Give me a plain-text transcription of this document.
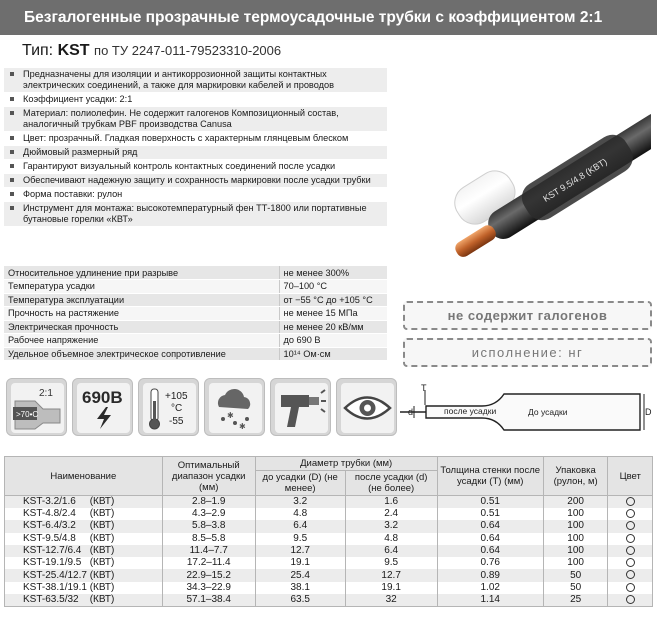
Безгалогенные прозрачные термоусадочные трубки с коэффициентом 2:1
Тип: KST по ТУ 2247-011-79523310-2006
Предназначены для изоляции и антикоррозионной защиты контактных электрических соединений, а также для маркировки кабелей и проводов
Коэффициент усадки: 2:1
Материал: полиолефин. Не содержит галогенов Композиционный состав, аналогичный трубкам PBF производства Canusa
Цвет: прозрачный. Гладкая поверхность с характерным глянцевым блеском
Дюймовый размерный ряд
Гарантируют визуальный контроль контактных соединений после усадки
Обеспечивают надежную защиту и сохранность маркировки после усадки трубки
Форма поставки: рулон
Инструмент для монтажа: высокотемпературный фен ТТ-1800 или портативные бутановые горелки «КВТ»
Относительное удлинение при разрыве	не менее 300%
Температура усадки	70–100 °С
Температура эксплуатации	от −55 °С до +105 °С
Прочность на растяжение	не менее 15 МПа
Электрическая прочность	не менее 20 кВ/мм
Рабочее напряжение	до 690 В
Удельное объемное электрическое сопротивление	10¹⁴ Ом·см
KST 9.5/4.8 (KBT)
не содержит галогенов
исполнение: нг
2:1
>70•C
690В	+105
°C
-55
✱
✱
d
T
после усадки	До усадки	D
Наименование	Оптимальный диапазон усадки (мм)	Диаметр трубки (мм)		Толщина стенки после усадки (T) (мм)	Упаковка (рулон, м)	Цвет
		до усадки (D) (не менее)	после усадки (d) (не более)			
KST-3.2/1.6     (КВТ)	2.8–1.9	3.2	1.6	0.51	200	
KST-4.8/2.4     (КВТ)	4.3–2.9	4.8	2.4	0.51	100	
KST-6.4/3.2     (КВТ)	5.8–3.8	6.4	3.2	0.64	100	
KST-9.5/4.8     (КВТ)	8.5–5.8	9.5	4.8	0.64	100	
KST-12.7/6.4   (КВТ)	11.4–7.7	12.7	6.4	0.64	100	
KST-19.1/9.5   (КВТ)	17.2–11.4	19.1	9.5	0.76	100	
KST-25.4/12.7 (КВТ)	22.9–15.2	25.4	12.7	0.89	50	
KST-38.1/19.1 (КВТ)	34.3–22.9	38.1	19.1	1.02	50	
KST-63.5/32    (КВТ)	57.1–38.4	63.5	32	1.14	25	
